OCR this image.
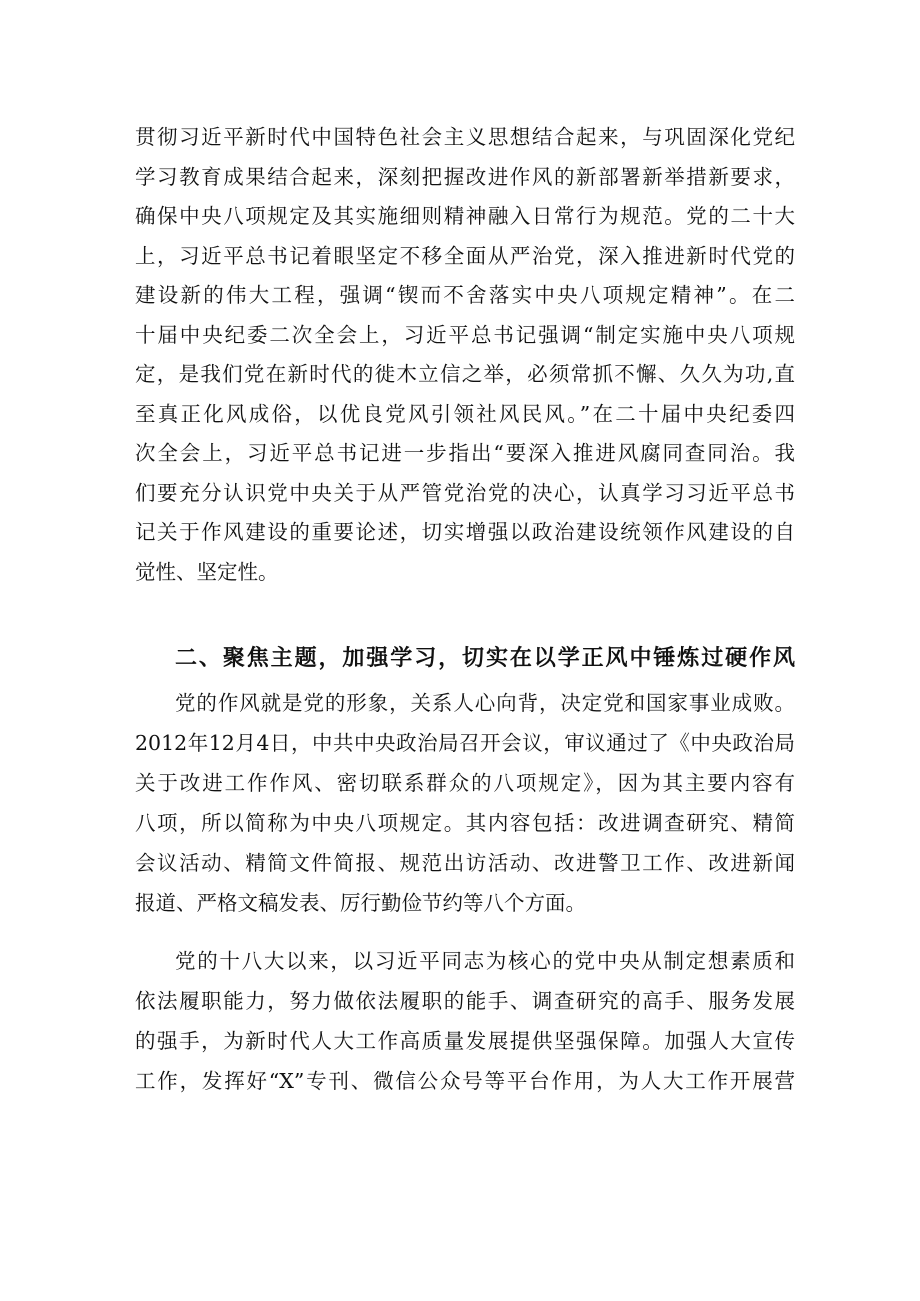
贯彻习近平新时代中国特色社会主义思想结合起来，与巩固深化党纪
学习教育成果结合起来，深刻把握改进作风的新部署新举措新要求，
确保中央八项规定及其实施细则精神融入日常行为规范。党的二十大
上，习近平总书记着眼坚定不移全面从严治党，深入推进新时代党的
建设新的伟大工程，强调“锲而不舍落实中央八项规定精神”。在二
十届中央纪委二次全会上，习近平总书记强调“制定实施中央八项规
定，是我们党在新时代的徙木立信之举，必须常抓不懈、久久为功,直
至真正化风成俗，以优良党风引领社风民风。”在二十届中央纪委四
次全会上，习近平总书记进一步指出“要深入推进风腐同查同治。我
们要充分认识党中央关于从严管党治党的决心，认真学习习近平总书
记关于作风建设的重要论述，切实增强以政治建设统领作风建设的自
觉性、坚定性。
二、聚焦主题，加强学习，切实在以学正风中锤炼过硬作风
党的作风就是党的形象，关系人心向背，决定党和国家事业成败。
2012年12月4日，中共中央政治局召开会议，审议通过了《中央政治局
关于改进工作作风、密切联系群众的八项规定》，因为其主要内容有
八项，所以简称为中央八项规定。其内容包括：改进调查研究、精简
会议活动、精简文件简报、规范出访活动、改进警卫工作、改进新闻
报道、严格文稿发表、厉行勤俭节约等八个方面。
党的十八大以来，以习近平同志为核心的党中央从制定想素质和
依法履职能力，努力做依法履职的能手、调查研究的高手、服务发展
的强手，为新时代人大工作高质量发展提供坚强保障。加强人大宣传
工作，发挥好“X”专刊、微信公众号等平台作用，为人大工作开展营
